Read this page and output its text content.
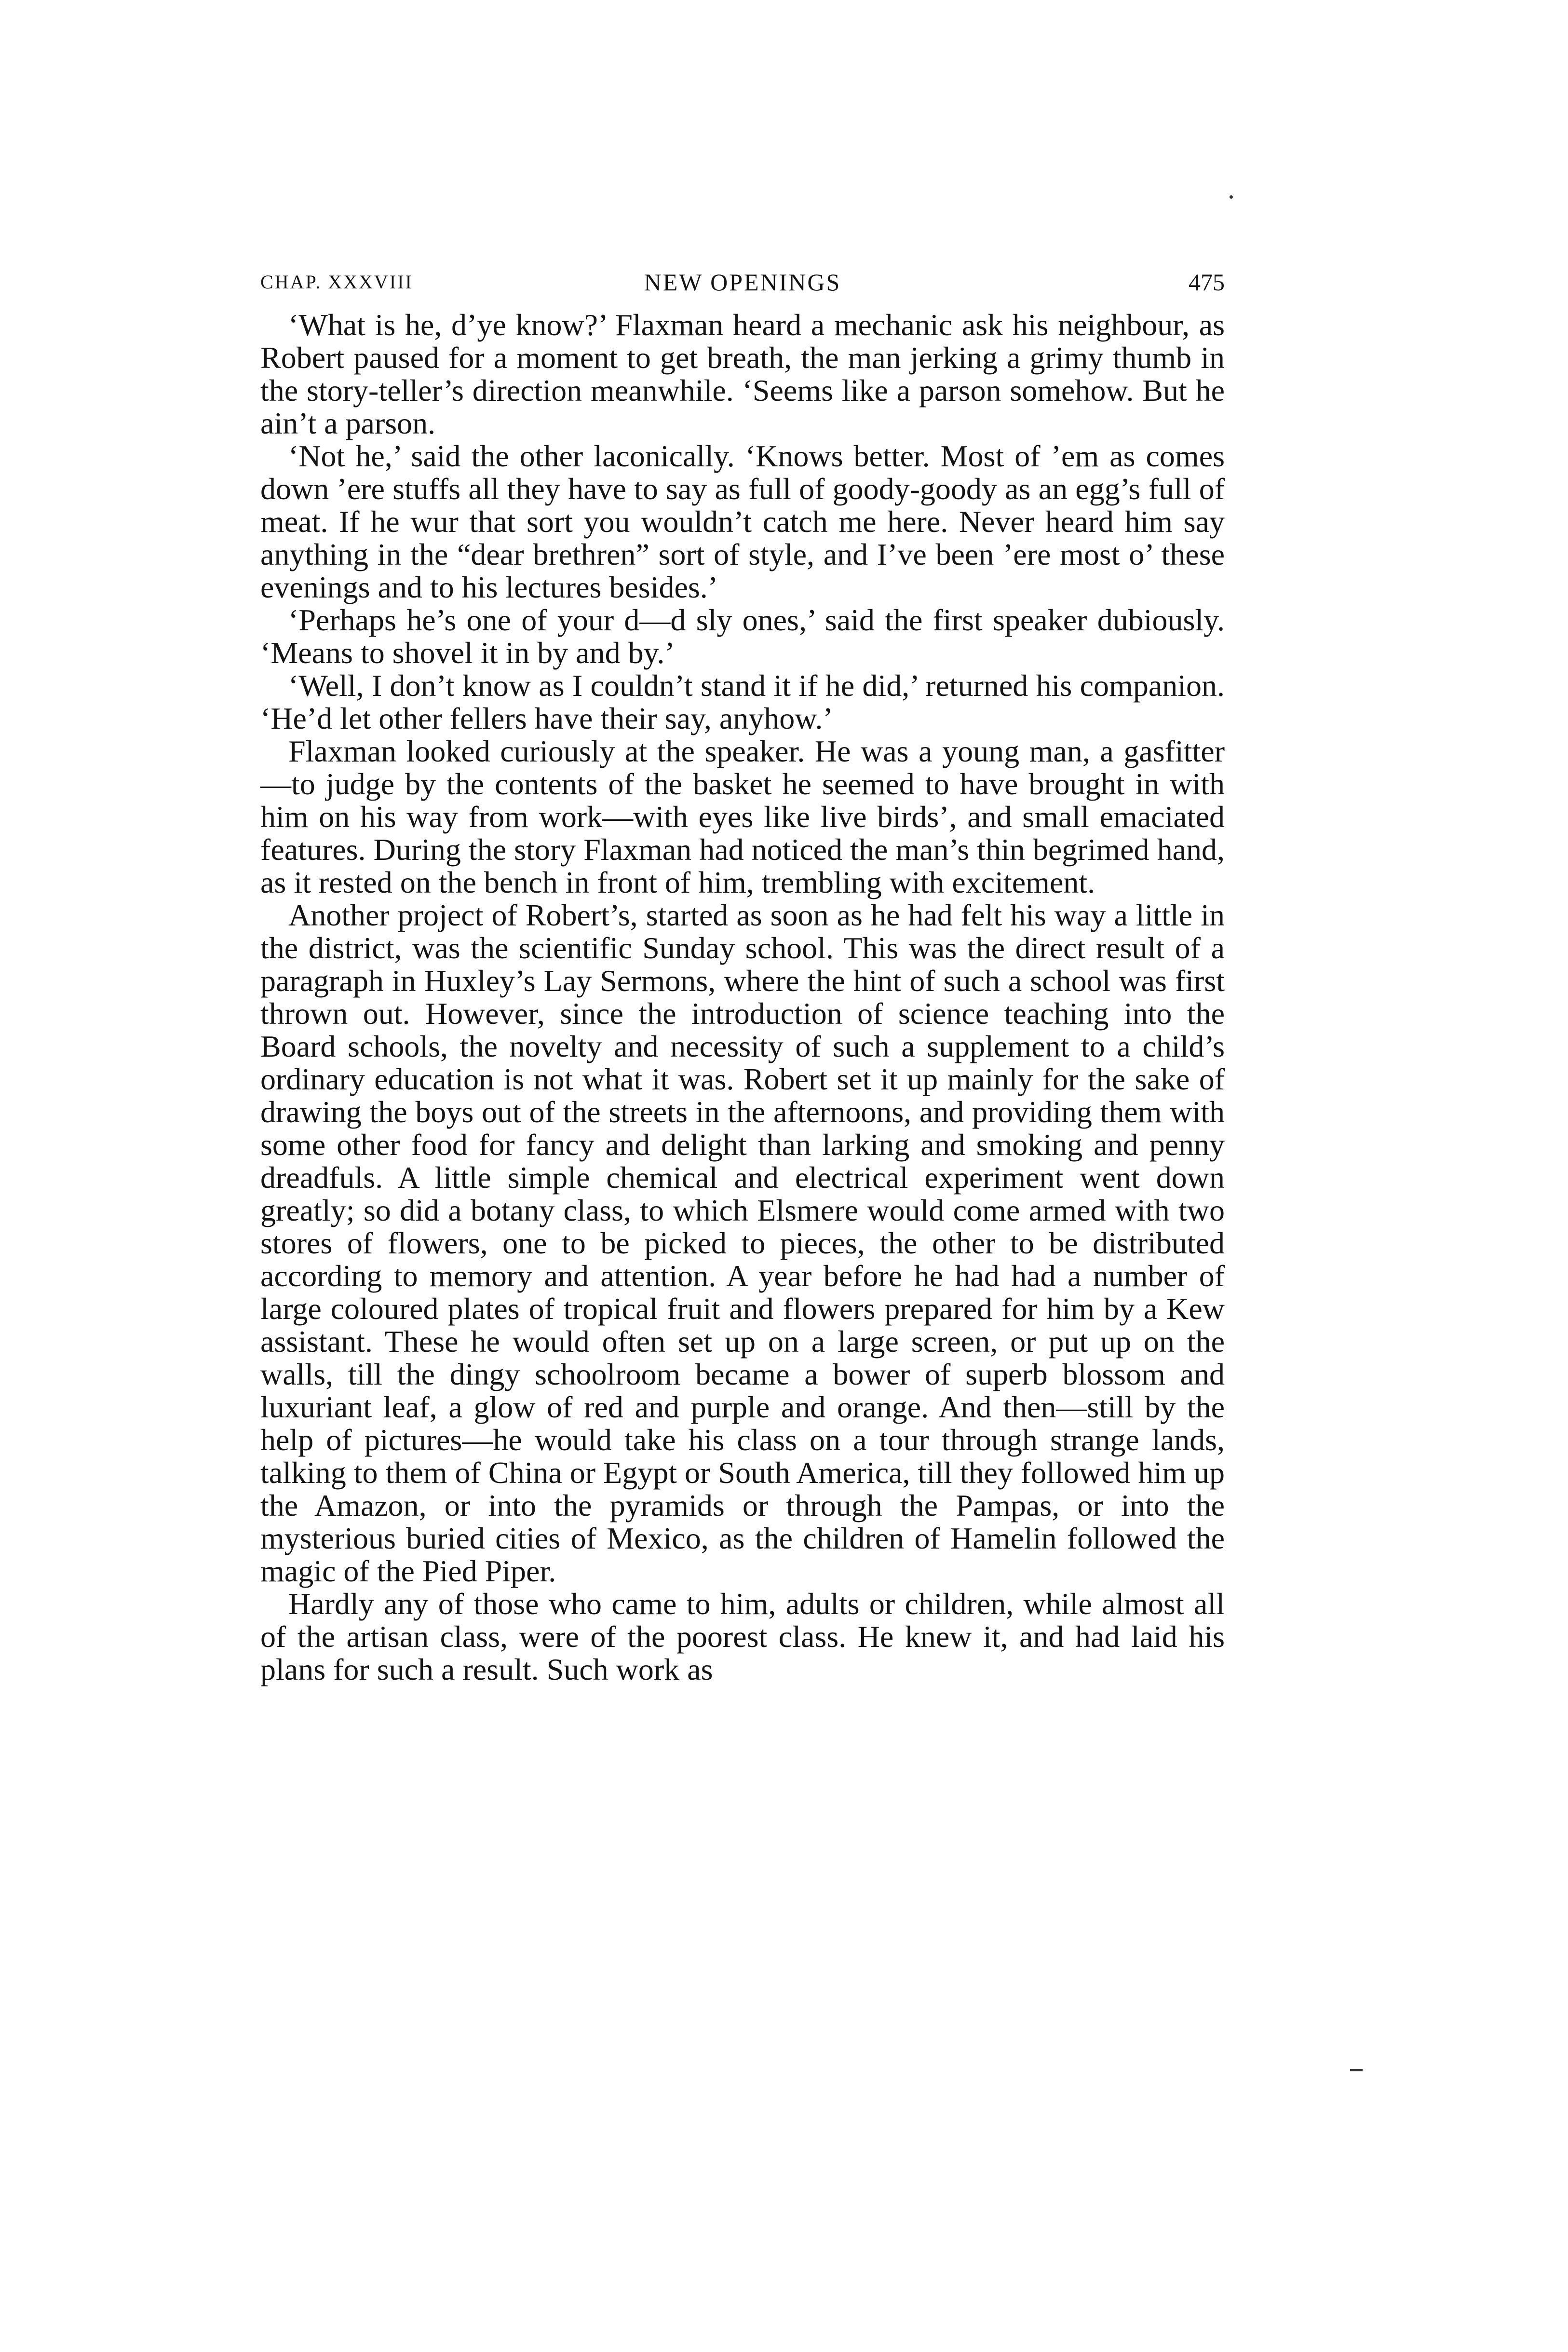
CHAP. XXXVIII	NEW OPENINGS	475

‘What is he, d’ye know?’ Flaxman heard a mechanic ask his neighbour, as Robert paused for a moment to get breath, the man jerking a grimy thumb in the story-teller’s direction meanwhile. ‘Seems like a parson somehow. But he ain’t a parson.

‘Not he,’ said the other laconically. ‘Knows better. Most of ’em as comes down ’ere stuffs all they have to say as full of goody-goody as an egg’s full of meat. If he wur that sort you wouldn’t catch me here. Never heard him say anything in the “dear brethren” sort of style, and I’ve been ’ere most o’ these evenings and to his lectures besides.’

‘Perhaps he’s one of your d—d sly ones,’ said the first speaker dubiously. ‘Means to shovel it in by and by.’

‘Well, I don’t know as I couldn’t stand it if he did,’ returned his companion. ‘He’d let other fellers have their say, anyhow.’

Flaxman looked curiously at the speaker. He was a young man, a gasfitter—to judge by the contents of the basket he seemed to have brought in with him on his way from work—with eyes like live birds’, and small emaciated features. During the story Flaxman had noticed the man’s thin begrimed hand, as it rested on the bench in front of him, trembling with excitement.

Another project of Robert’s, started as soon as he had felt his way a little in the district, was the scientific Sunday school. This was the direct result of a paragraph in Huxley’s Lay Sermons, where the hint of such a school was first thrown out. However, since the introduction of science teaching into the Board schools, the novelty and necessity of such a supplement to a child’s ordinary education is not what it was. Robert set it up mainly for the sake of drawing the boys out of the streets in the afternoons, and providing them with some other food for fancy and delight than larking and smoking and penny dreadfuls. A little simple chemical and electrical experiment went down greatly; so did a botany class, to which Elsmere would come armed with two stores of flowers, one to be picked to pieces, the other to be distributed according to memory and attention. A year before he had had a number of large coloured plates of tropical fruit and flowers prepared for him by a Kew assistant. These he would often set up on a large screen, or put up on the walls, till the dingy schoolroom became a bower of superb blossom and luxuriant leaf, a glow of red and purple and orange. And then—still by the help of pictures—he would take his class on a tour through strange lands, talking to them of China or Egypt or South America, till they followed him up the Amazon, or into the pyramids or through the Pampas, or into the mysterious buried cities of Mexico, as the children of Hamelin followed the magic of the Pied Piper.

Hardly any of those who came to him, adults or children, while almost all of the artisan class, were of the poorest class. He knew it, and had laid his plans for such a result. Such work as
